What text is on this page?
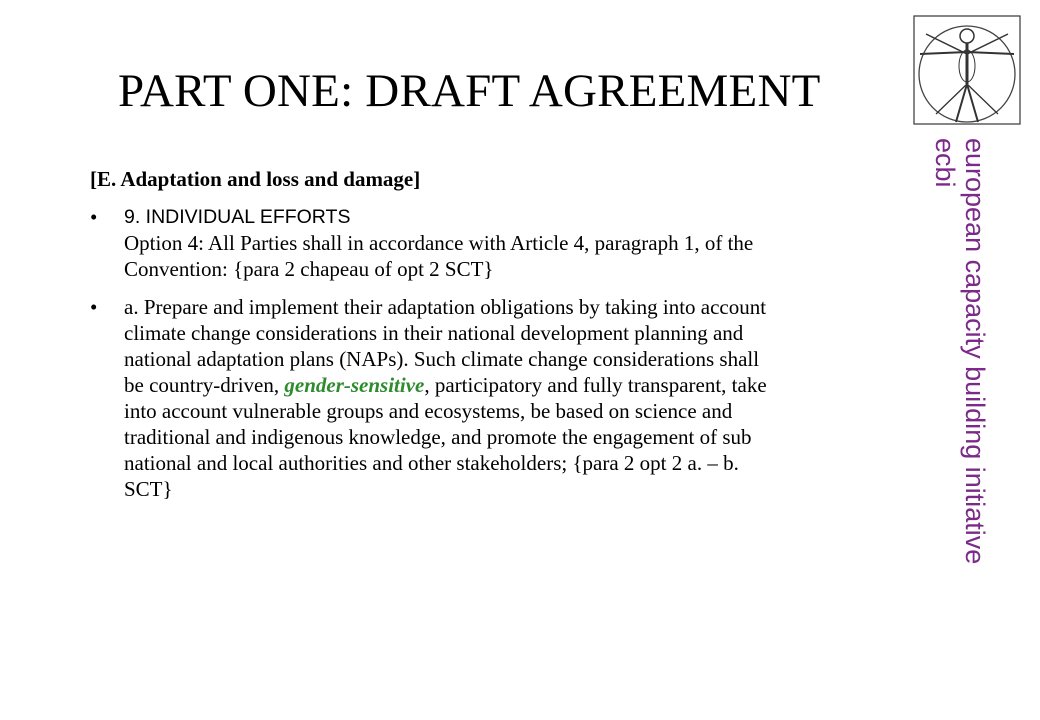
PART ONE: DRAFT AGREEMENT
[E. Adaptation and loss and damage]
• 9. INDIVIDUAL EFFORTS
Option 4: All Parties shall in accordance with Article 4, paragraph 1, of the
Convention: {para 2 chapeau of opt 2 SCT}
• a. Prepare and implement their adaptation obligations by taking into account
climate change considerations in their national development planning and
national adaptation plans (NAPs). Such climate change considerations shall
be country-driven, gender-sensitive, participatory and fully transparent, take
into account vulnerable groups and ecosystems, be based on science and
traditional and indigenous knowledge, and promote the engagement of sub
national and local authorities and other stakeholders; {para 2 opt 2 a. – b.
SCT}	european capacity building initiative
ecbi
